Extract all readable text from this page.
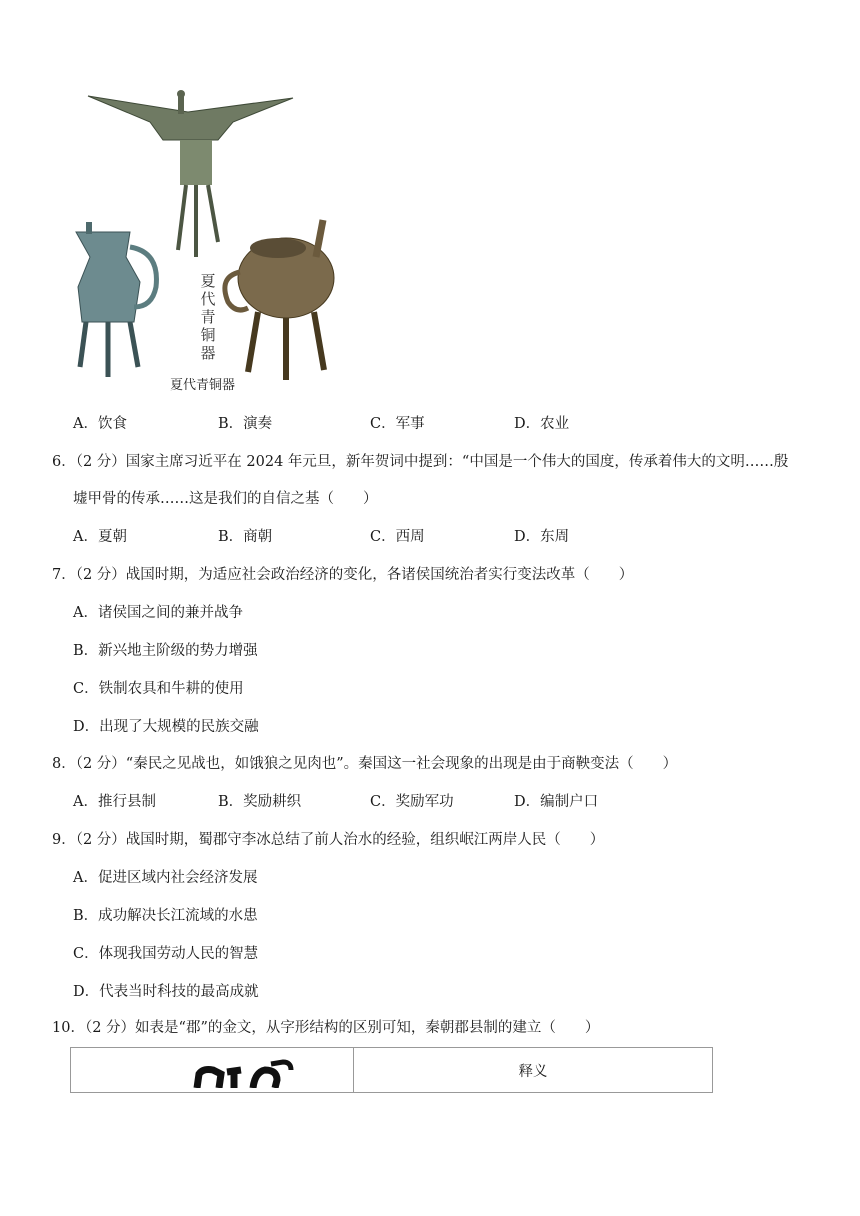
夏代青铜器
夏代青铜器
A．饮食	B．演奏	C．军事	D．农业
6．（2 分）国家主席习近平在 2024 年元旦，新年贺词中提到：“中国是一个伟大的国度，传承着伟大的文明……殷
墟甲骨的传承……这是我们的自信之基（　　）
A．夏朝	B．商朝	C．西周	D．东周
7．（2 分）战国时期，为适应社会政治经济的变化，各诸侯国统治者实行变法改革（　　）
A．诸侯国之间的兼并战争
B．新兴地主阶级的势力增强
C．铁制农具和牛耕的使用
D．出现了大规模的民族交融
8．（2 分）“秦民之见战也，如饿狼之见肉也”。秦国这一社会现象的出现是由于商鞅变法（　　）
A．推行县制	B．奖励耕织	C．奖励军功	D．编制户口
9．（2 分）战国时期，蜀郡守李冰总结了前人治水的经验，组织岷江两岸人民（　　）
A．促进区域内社会经济发展
B．成功解决长江流域的水患
C．体现我国劳动人民的智慧
D．代表当时科技的最高成就
10．（2 分）如表是“郡”的金文，从字形结构的区别可知，秦朝郡县制的建立（　　）
	释义
